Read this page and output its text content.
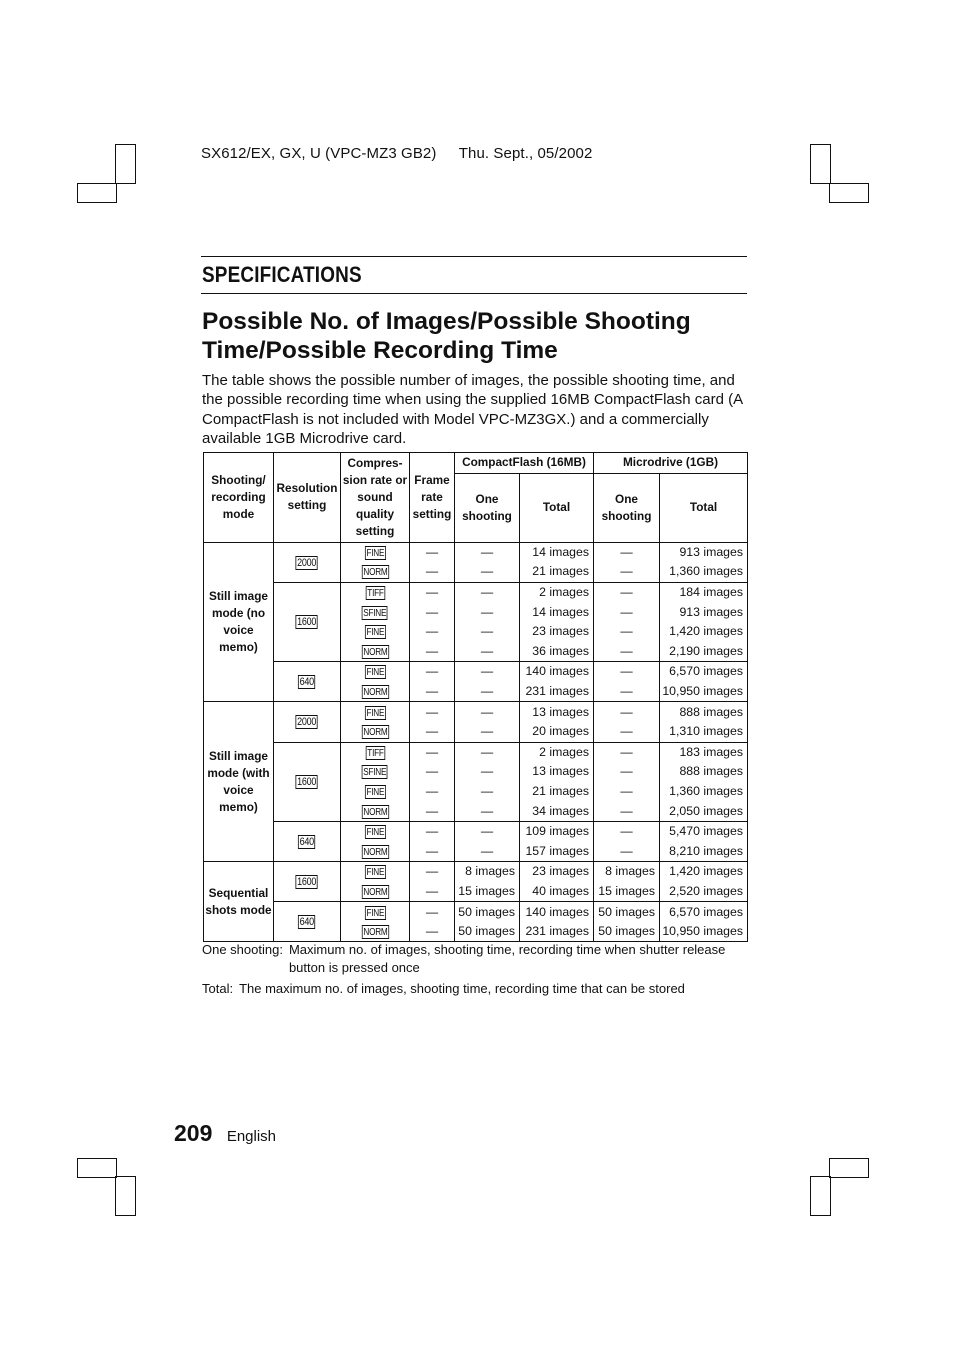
SX612/EX, GX, U (VPC-MZ3 GB2) Thu. Sept., 05/2002
SPECIFICATIONS
Possible No. of Images/Possible Shooting Time/Possible Recording Time

The table shows the possible number of images, the possible shooting time, and the possible recording time when using the supplied 16MB CompactFlash card (A CompactFlash is not included with Model VPC-MZ3GX.) and a commercially available 1GB Microdrive card.

Shooting/ recording mode	Resolution setting	Compres- sion rate or sound quality setting	Frame rate setting	CompactFlash (16MB)		Microdrive (1GB)	
				One shooting	Total	One shooting	Total
Still image mode (no voice memo)	2000	FINE	—	—	14 images	—	913 images
		NORM	—	—	21 images	—	1,360 images
	1600	TIFF	—	—	2 images	—	184 images
		SFINE	—	—	14 images	—	913 images
		FINE	—	—	23 images	—	1,420 images
		NORM	—	—	36 images	—	2,190 images
	640	FINE	—	—	140 images	—	6,570 images
		NORM	—	—	231 images	—	10,950 images
Still image mode (with voice memo)	2000	FINE	—	—	13 images	—	888 images
		NORM	—	—	20 images	—	1,310 images
	1600	TIFF	—	—	2 images	—	183 images
		SFINE	—	—	13 images	—	888 images
		FINE	—	—	21 images	—	1,360 images
		NORM	—	—	34 images	—	2,050 images
	640	FINE	—	—	109 images	—	5,470 images
		NORM	—	—	157 images	—	8,210 images
Sequential shots mode	1600	FINE	—	8 images	23 images	8 images	1,420 images
		NORM	—	15 images	40 images	15 images	2,520 images
	640	FINE	—	50 images	140 images	50 images	6,570 images
		NORM	—	50 images	231 images	50 images	10,950 images
One shooting: Maximum no. of images, shooting time, recording time when shutter release button is pressed once
Total: The maximum no. of images, shooting time, recording time that can be stored
209 English
